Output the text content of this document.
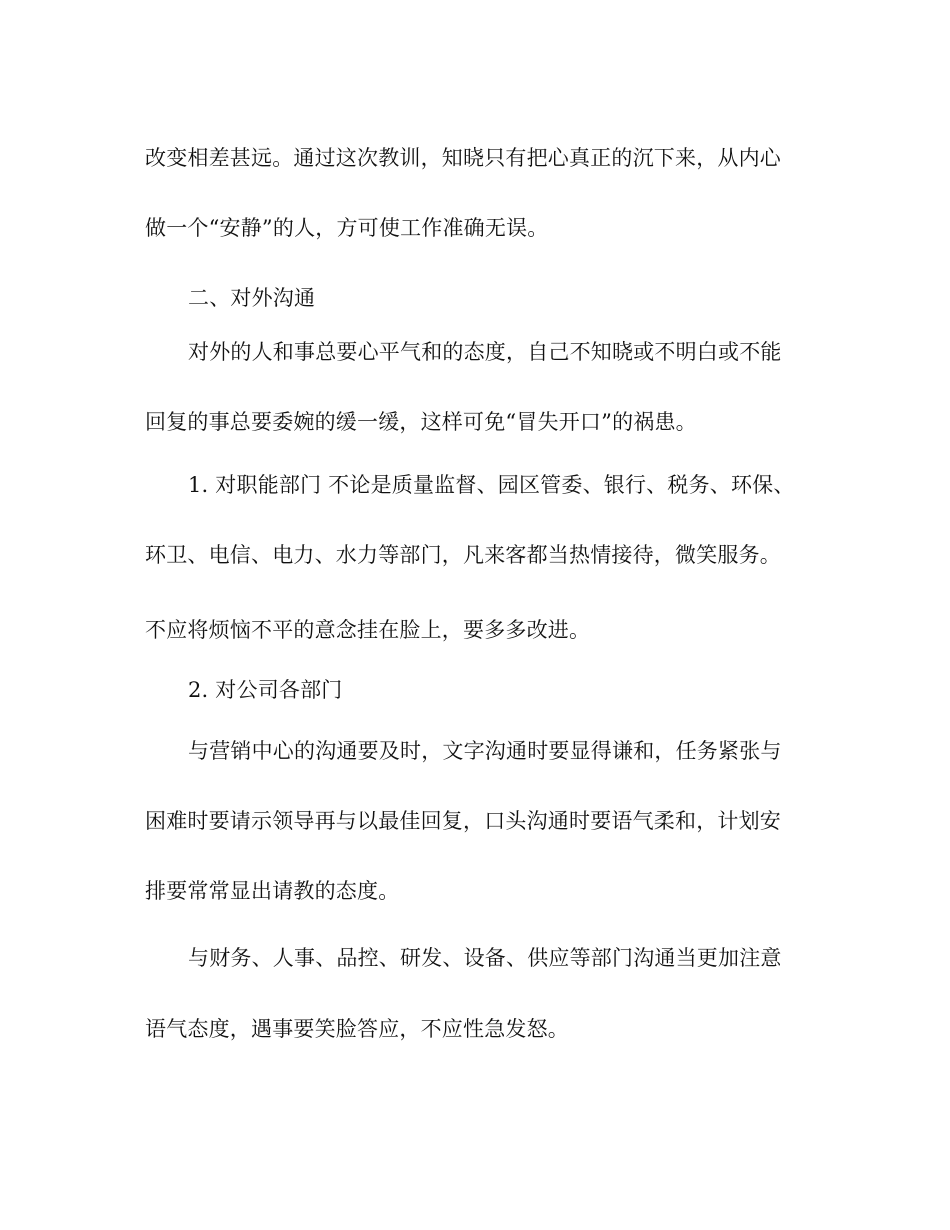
改变相差甚远。通过这次教训，知晓只有把心真正的沉下来，从内心
做一个“安静”的人，方可使工作准确无误。
二、对外沟通
对外的人和事总要心平气和的态度，自己不知晓或不明白或不能
回复的事总要委婉的缓一缓，这样可免“冒失开口”的祸患。
1. 对职能部门 不论是质量监督、园区管委、银行、税务、环保、
环卫、电信、电力、水力等部门，凡来客都当热情接待，微笑服务。
不应将烦恼不平的意念挂在脸上，要多多改进。
2. 对公司各部门
与营销中心的沟通要及时，文字沟通时要显得谦和，任务紧张与
困难时要请示领导再与以最佳回复，口头沟通时要语气柔和，计划安
排要常常显出请教的态度。
与财务、人事、品控、研发、设备、供应等部门沟通当更加注意
语气态度，遇事要笑脸答应，不应性急发怒。
